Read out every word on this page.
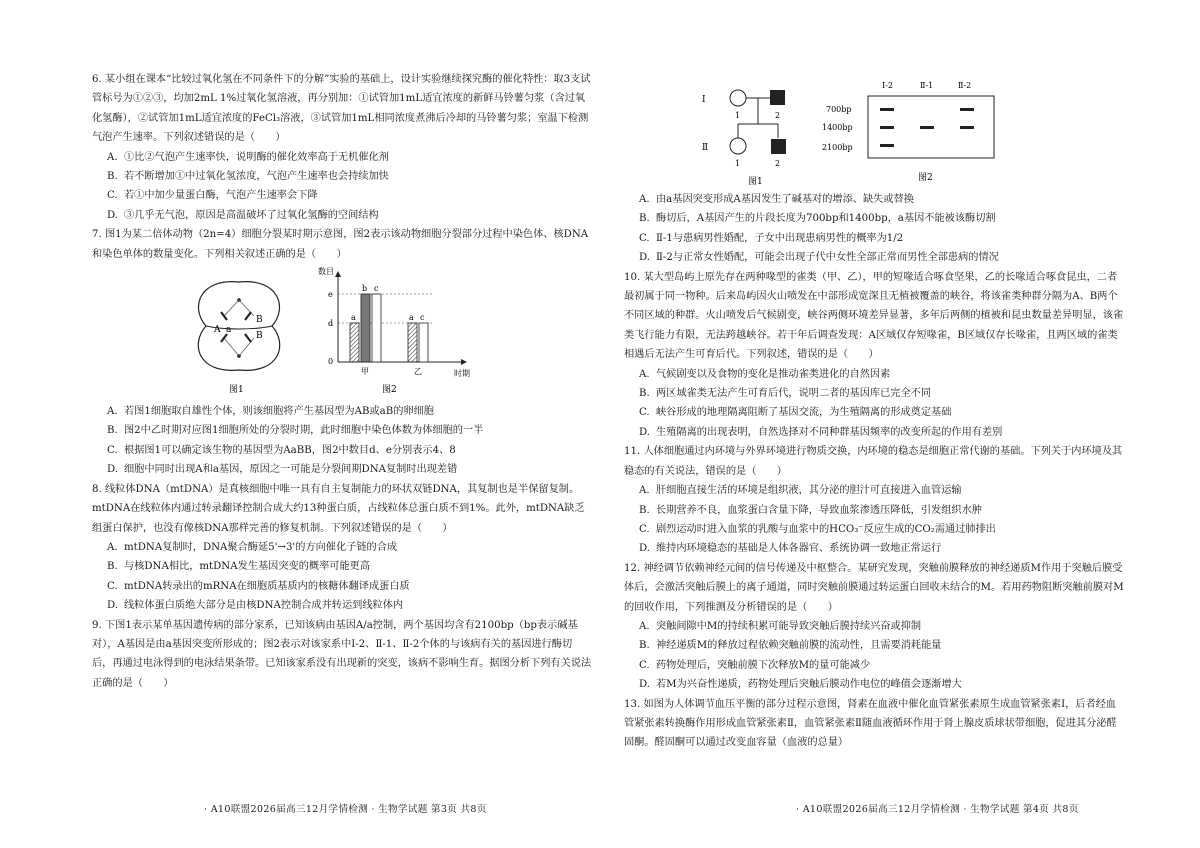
6. 某小组在课本“比较过氧化氢在不同条件下的分解”实验的基础上，设计实验继续探究酶的催化特性：取3支试管标号为①②③，均加2mL 1%过氧化氢溶液，再分别加：①试管加1mL适宜浓度的新鲜马铃薯匀浆（含过氧化氢酶），②试管加1mL适宜浓度的FeCl₃溶液，③试管加1mL相同浓度煮沸后冷却的马铃薯匀浆；室温下检测气泡产生速率。下列叙述错误的是（　　）

A. ①比②气泡产生速率快，说明酶的催化效率高于无机催化剂

B. 若不断增加①中过氧化氢浓度，气泡产生速率也会持续加快

C. 若①中加少量蛋白酶，气泡产生速率会下降

D. ③几乎无气泡，原因是高温破坏了过氧化氢酶的空间结构

7. 图1为某二倍体动物（2n=4）细胞分裂某时期示意图，图2表示该动物细胞分裂部分过程中染色体、核DNA和染色单体的数量变化。下列相关叙述正确的是（　　）

A a
B
B
图1
数目
时期
e
d
0
a
b c
a c
甲	乙
图2

A. 若图1细胞取自雄性个体，则该细胞将产生基因型为AB或aB的卵细胞

B. 图2中乙时期对应图1细胞所处的分裂时期，此时细胞中染色体数为体细胞的一半

C. 根据图1可以确定该生物的基因型为AaBB，图2中数目d、e分别表示4、8

D. 细胞中同时出现A和a基因，原因之一可能是分裂间期DNA复制时出现差错

8. 线粒体DNA（mtDNA）是真核细胞中唯一具有自主复制能力的环状双链DNA，其复制也是半保留复制。mtDNA在线粒体内通过转录翻译控制合成大约13种蛋白质，占线粒体总蛋白质不到1%。此外，mtDNA缺乏组蛋白保护，也没有像核DNA那样完善的修复机制。下列叙述错误的是（　　）

A. mtDNA复制时，DNA聚合酶延5'→3'的方向催化子链的合成

B. 与核DNA相比，mtDNA发生基因突变的概率可能更高

C. mtDNA转录出的mRNA在细胞质基质内的核糖体翻译成蛋白质

D. 线粒体蛋白质绝大部分是由核DNA控制合成并转运到线粒体内

9. 下图1表示某单基因遗传病的部分家系，已知该病由基因A/a控制，两个基因均含有2100bp（bp表示碱基对），A基因是由a基因突变所形成的；图2表示对该家系中Ⅰ-2、Ⅱ-1、Ⅱ-2个体的与该病有关的基因进行酶切后，再通过电泳得到的电泳结果条带。已知该家系没有出现新的突变，该病不影响生育。据图分析下列有关说法正确的是（　　）

Ⅰ
Ⅱ
1	2
1	2
图1
Ⅰ-2	Ⅱ-1	Ⅱ-2
700bp
1400bp
2100bp
图2

A. 由a基因突变形成A基因发生了碱基对的增添、缺失或替换

B. 酶切后，A基因产生的片段长度为700bp和1400bp，a基因不能被该酶切割

C. Ⅱ-1与患病男性婚配，子女中出现患病男性的概率为1/2

D. Ⅱ-2与正常女性婚配，可能会出现子代中女性全部正常而男性全部患病的情况

10. 某大型岛屿上原先存在两种喙型的雀类（甲、乙），甲的短喙适合啄食坚果，乙的长喙适合啄食昆虫，二者最初属于同一物种。后来岛屿因火山喷发在中部形成宽深且无植被覆盖的峡谷，将该雀类种群分隔为A、B两个不同区域的种群。火山喷发后气候剧变，峡谷两侧环境差异显著，多年后两侧的植被和昆虫数量差异明显，该雀类飞行能力有限，无法跨越峡谷。若干年后调查发现：A区域仅存短喙雀，B区域仅存长喙雀，且两区域的雀类相遇后无法产生可育后代。下列叙述，错误的是（　　）

A. 气候剧变以及食物的变化是推动雀类进化的自然因素

B. 两区域雀类无法产生可育后代，说明二者的基因库已完全不同

C. 峡谷形成的地理隔离阻断了基因交流，为生殖隔离的形成奠定基础

D. 生殖隔离的出现表明，自然选择对不同种群基因频率的改变所起的作用有差别

11. 人体细胞通过内环境与外界环境进行物质交换，内环境的稳态是细胞正常代谢的基础。下列关于内环境及其稳态的有关说法，错误的是（　　）

A. 肝细胞直接生活的环境是组织液，其分泌的胆汁可直接进入血管运输

B. 长期营养不良，血浆蛋白含量下降，导致血浆渗透压降低，引发组织水肿

C. 剧烈运动时进入血浆的乳酸与血浆中的HCO₃⁻反应生成的CO₂需通过肺排出

D. 维持内环境稳态的基础是人体各器官、系统协调一致地正常运行

12. 神经调节依赖神经元间的信号传递及中枢整合。某研究发现，突触前膜释放的神经递质M作用于突触后膜受体后，会激活突触后膜上的离子通道，同时突触前膜通过转运蛋白回收未结合的M。若用药物阻断突触前膜对M的回收作用，下列推测及分析错误的是（　　）

A. 突触间隙中M的持续积累可能导致突触后膜持续兴奋或抑制

B. 神经递质M的释放过程依赖突触前膜的流动性，且需要消耗能量

C. 药物处理后，突触前膜下次释放M的量可能减少

D. 若M为兴奋性递质，药物处理后突触后膜动作电位的峰值会逐渐增大

13. 如图为人体调节血压平衡的部分过程示意图，肾素在血液中催化血管紧张素原生成血管紧张素Ⅰ，后者经血管紧张素转换酶作用形成血管紧张素Ⅱ，血管紧张素Ⅱ随血液循环作用于肾上腺皮质球状带细胞，促进其分泌醛固酮。醛固酮可以通过改变血容量（血液的总量）

· A10联盟2026届高三12月学情检测 · 生物学试题 第3页 共8页	· A10联盟2026届高三12月学情检测 · 生物学试题 第4页 共8页
